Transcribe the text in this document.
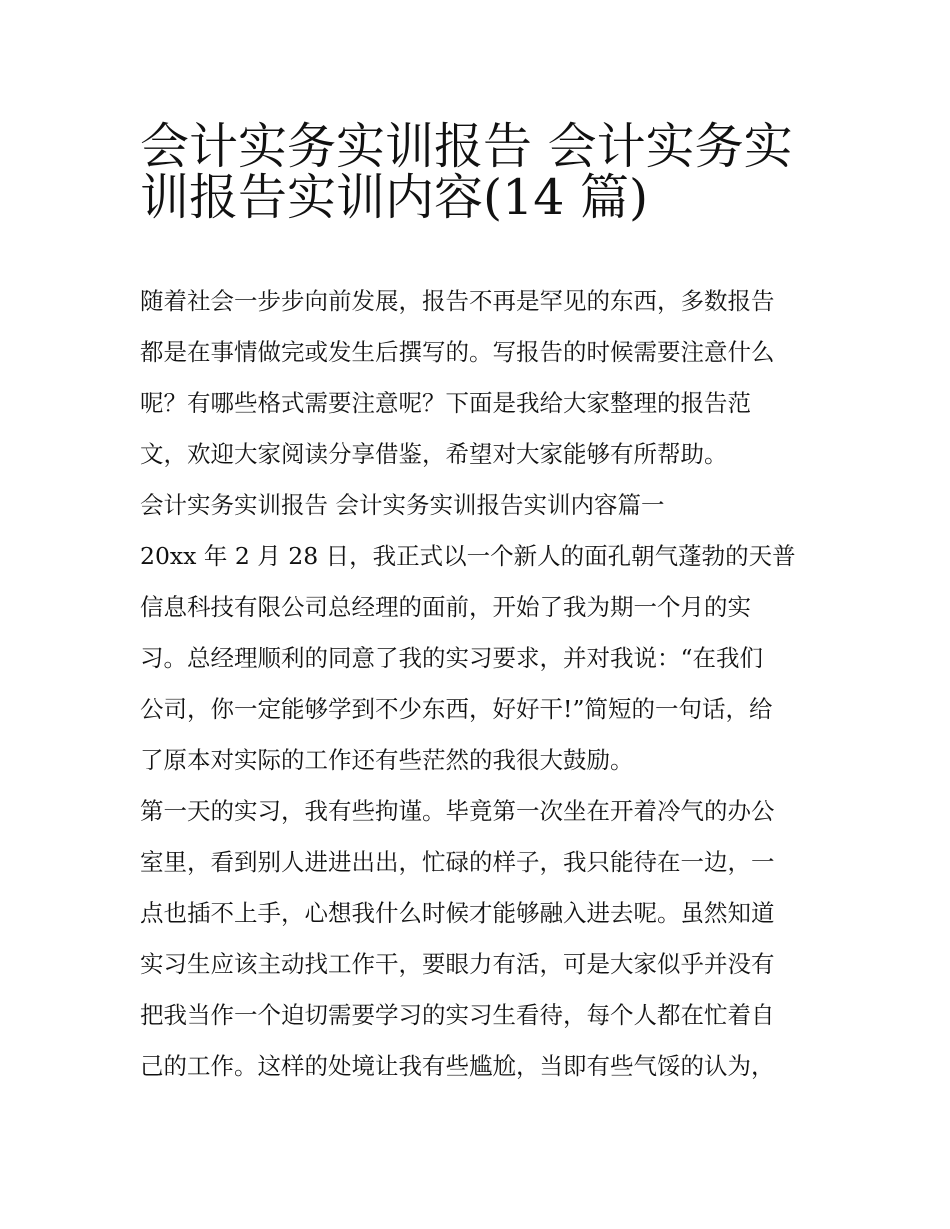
会计实务实训报告 会计实务实
训报告实训内容(14 篇)
随着社会一步步向前发展，报告不再是罕见的东西，多数报告
都是在事情做完或发生后撰写的。写报告的时候需要注意什么
呢？有哪些格式需要注意呢？下面是我给大家整理的报告范
文，欢迎大家阅读分享借鉴，希望对大家能够有所帮助。
会计实务实训报告 会计实务实训报告实训内容篇一
20xx 年 2 月 28 日，我正式以一个新人的面孔朝气蓬勃的天普
信息科技有限公司总经理的面前，开始了我为期一个月的实
习。总经理顺利的同意了我的实习要求，并对我说：“在我们
公司，你一定能够学到不少东西，好好干!”简短的一句话，给
了原本对实际的工作还有些茫然的我很大鼓励。
第一天的实习，我有些拘谨。毕竟第一次坐在开着冷气的办公
室里，看到别人进进出出，忙碌的样子，我只能待在一边，一
点也插不上手，心想我什么时候才能够融入进去呢。虽然知道
实习生应该主动找工作干，要眼力有活，可是大家似乎并没有
把我当作一个迫切需要学习的实习生看待，每个人都在忙着自
己的工作。这样的处境让我有些尴尬，当即有些气馁的认为，
